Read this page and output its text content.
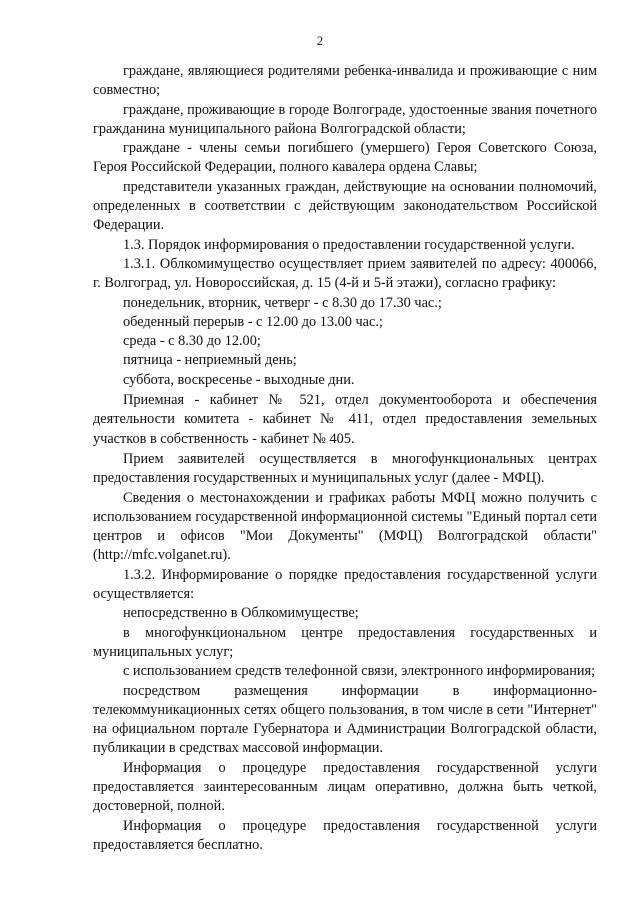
2

граждане, являющиеся родителями ребенка-инвалида и проживающие с ним совместно;

граждане, проживающие в городе Волгограде, удостоенные звания почетного гражданина муниципального района Волгоградской области;

граждане - члены семьи погибшего (умершего) Героя Советского Союза, Героя Российской Федерации, полного кавалера ордена Славы;

представители указанных граждан, действующие на основании полномочий, определенных в соответствии с действующим законодательством Российской Федерации.

1.3. Порядок информирования о предоставлении государственной услуги.

1.3.1. Облкомимущество осуществляет прием заявителей по адресу: 400066, г. Волгоград, ул. Новороссийская, д. 15 (4-й и 5-й этажи), согласно графику:

понедельник, вторник, четверг - с 8.30 до 17.30 час.;

обеденный перерыв - с 12.00 до 13.00 час.;

среда - с 8.30 до 12.00;

пятница - неприемный день;

суббота, воскресенье - выходные дни.

Приемная - кабинет № 521, отдел документооборота и обеспечения деятельности комитета - кабинет № 411, отдел предоставления земельных участков в собственность - кабинет № 405.

Прием заявителей осуществляется в многофункциональных центрах предоставления государственных и муниципальных услуг (далее - МФЦ).

Сведения о местонахождении и графиках работы МФЦ можно получить с использованием государственной информационной системы "Единый портал сети центров и офисов "Мои Документы" (МФЦ) Волгоградской области" (http://mfc.volganet.ru).

1.3.2. Информирование о порядке предоставления государственной услуги осуществляется:

непосредственно в Облкомимуществе;

в многофункциональном центре предоставления государственных и муниципальных услуг;

с использованием средств телефонной связи, электронного информирования;

посредством размещения информации в информационно-телекоммуникационных сетях общего пользования, в том числе в сети "Интернет" на официальном портале Губернатора и Администрации Волгоградской области, публикации в средствах массовой информации.

Информация о процедуре предоставления государственной услуги предоставляется заинтересованным лицам оперативно, должна быть четкой, достоверной, полной.

Информация о процедуре предоставления государственной услуги предоставляется бесплатно.
